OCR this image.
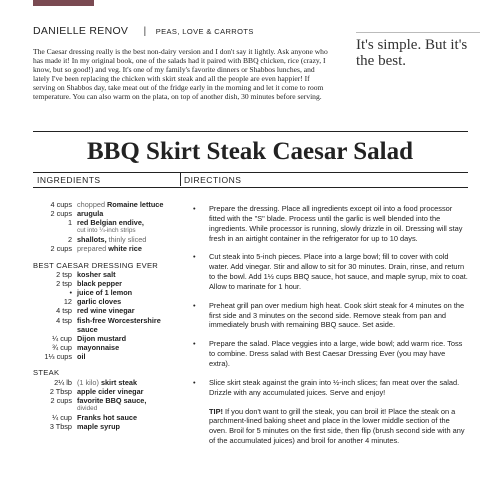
DANIELLE RENOV | PEAS, LOVE & CARROTS

The Caesar dressing really is the best non-dairy version and I don't say it lightly. Ask anyone who has made it! In my original book, one of the salads had it paired with BBQ chicken, rice (crazy, I know, but so good!) and veg. It's one of my family's favorite dinners or Shabbos lunches, and lately I've been replacing the chicken with skirt steak and all the people are even happier! If serving on Shabbos day, take meat out of the fridge early in the morning and let it come to room temperature. You can also warm on the plata, on top of another dish, 30 minutes before serving.

It's simple. But it's the best.
BBQ Skirt Steak Caesar Salad
INGREDIENTS	DIRECTIONS
4 cups chopped Romaine lettuce
2 cups arugula
1 red Belgian endive,
cut into ¼-inch strips
2 shallots, thinly sliced
2 cups prepared white rice
BEST CAESAR DRESSING EVER
2 tsp kosher salt
2 tsp black pepper
•
juice of 1 lemon
12 garlic cloves
4 tsp red wine vinegar
4 tsp fish-free Worcestershire sauce
¼ cup Dijon mustard
¾ cup mayonnaise
1⅓ cups oil
STEAK
2¼ lb (1 kilo) skirt steak
2 Tbsp apple cider vinegar
2 cups favorite BBQ sauce,
divided
¼ cup Franks hot sauce
3 Tbsp maple syrup
•	Prepare the dressing. Place all ingredients except oil into a food processor fitted with the "S" blade. Process until the garlic is well blended into the ingredients. While processor is running, slowly drizzle in oil. Dressing will stay fresh in an airtight container in the refrigerator for up to 10 days.
•	Cut steak into 5-inch pieces. Place into a large bowl; fill to cover with cold water. Add vinegar. Stir and allow to sit for 30 minutes. Drain, rinse, and return to the bowl. Add 1½ cups BBQ sauce, hot sauce, and maple syrup, mix to coat. Allow to marinate for 1 hour.
•	Preheat grill pan over medium high heat. Cook skirt steak for 4 minutes on the first side and 3 minutes on the second side. Remove steak from pan and immediately brush with remaining BBQ sauce. Set aside.
•	Prepare the salad. Place veggies into a large, wide bowl; add warm rice. Toss to combine. Dress salad with Best Caesar Dressing Ever (you may have extra).
•	Slice skirt steak against the grain into ½-inch slices; fan meat over the salad. Drizzle with any accumulated juices. Serve and enjoy!
TIP! If you don't want to grill the steak, you can broil it! Place the steak on a parchment-lined baking sheet and place in the lower middle section of the oven. Broil for 5 minutes on the first side, then flip (brush second side with any of the accumulated juices) and broil for another 4 minutes.
